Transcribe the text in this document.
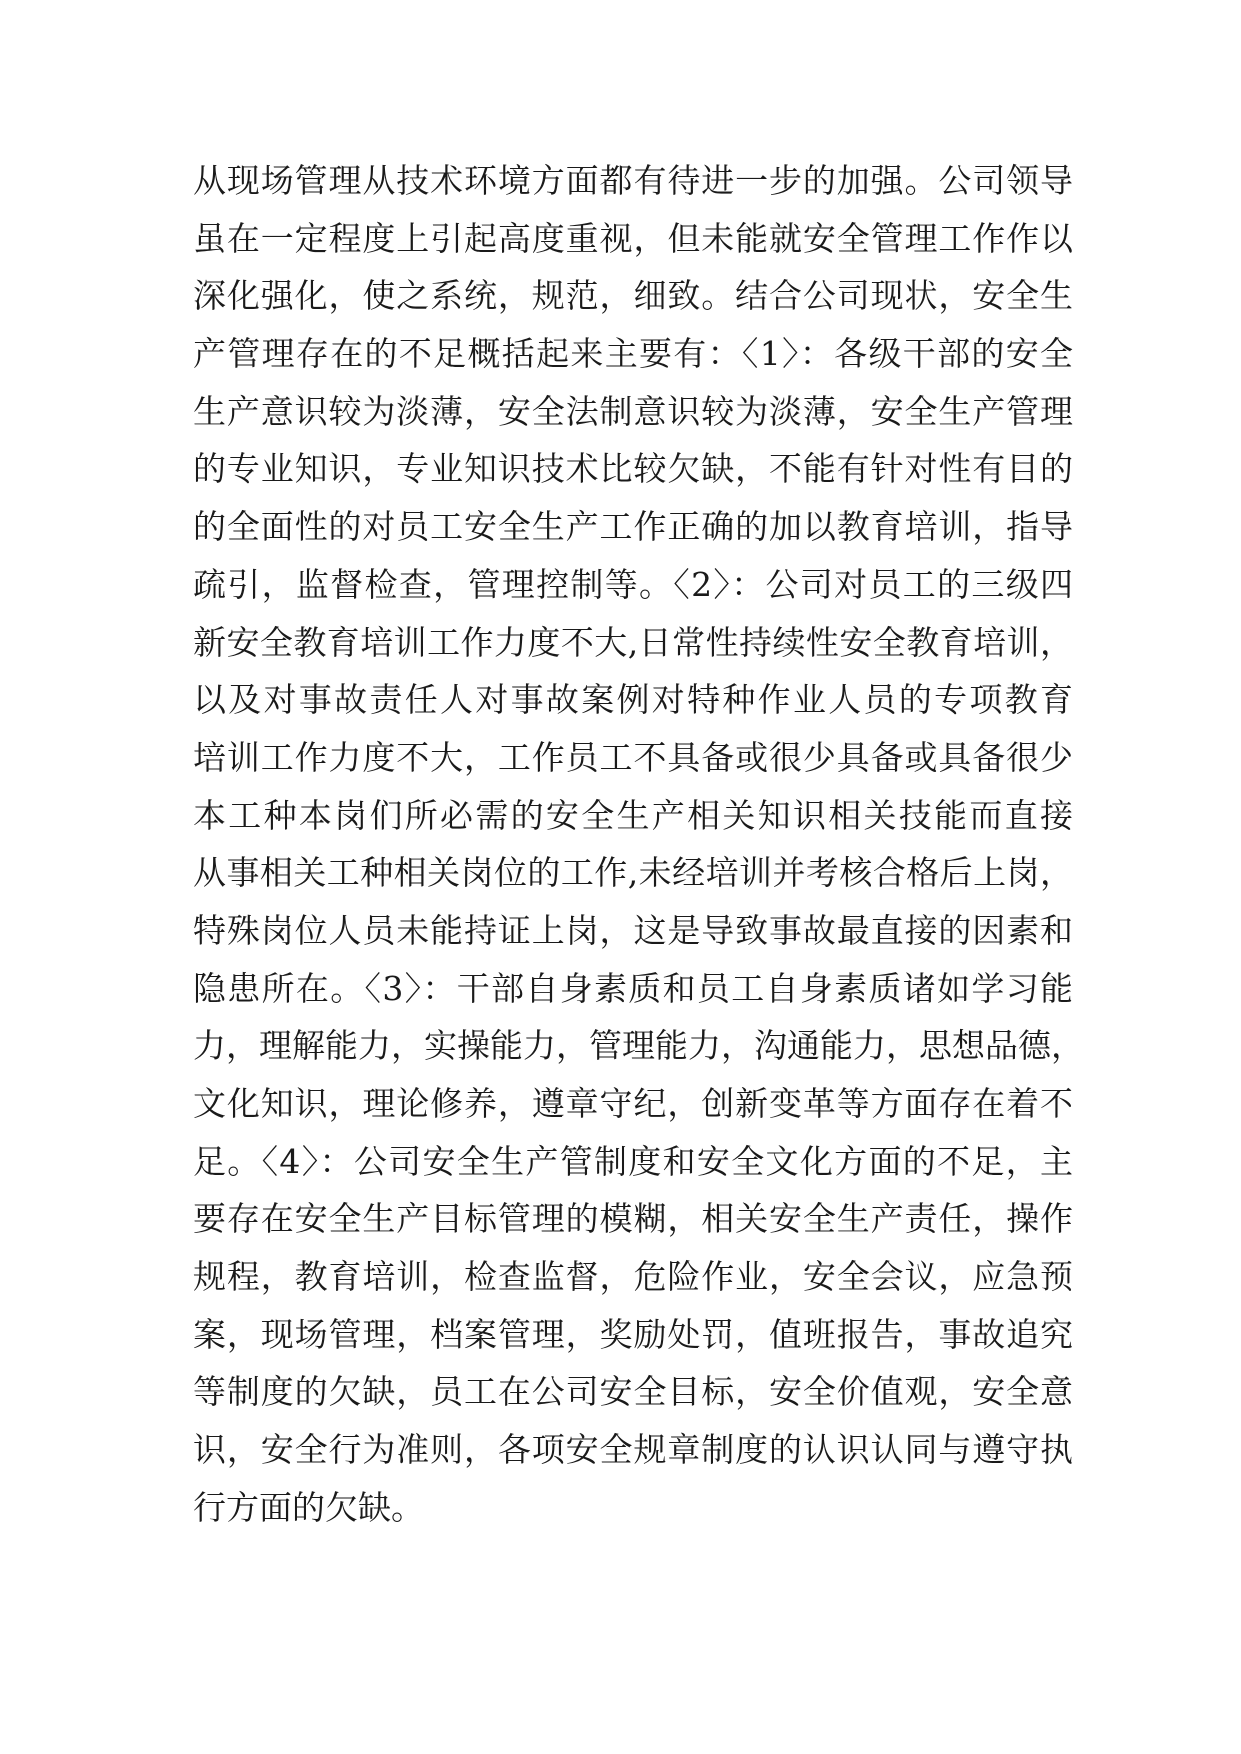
从现场管理从技术环境方面都有待进一步的加强。公司领导
虽在一定程度上引起高度重视，但未能就安全管理工作作以
深化强化，使之系统，规范，细致。结合公司现状，安全生
产管理存在的不足概括起来主要有：〈1〉：各级干部的安全
生产意识较为淡薄，安全法制意识较为淡薄，安全生产管理
的专业知识，专业知识技术比较欠缺，不能有针对性有目的
的全面性的对员工安全生产工作正确的加以教育培训，指导
疏引，监督检查，管理控制等。〈2〉：公司对员工的三级四
新安全教育培训工作力度不大,日常性持续性安全教育培训，
以及对事故责任人对事故案例对特种作业人员的专项教育
培训工作力度不大，工作员工不具备或很少具备或具备很少
本工种本岗们所必需的安全生产相关知识相关技能而直接
从事相关工种相关岗位的工作,未经培训并考核合格后上岗，
特殊岗位人员未能持证上岗，这是导致事故最直接的因素和
隐患所在。〈3〉：干部自身素质和员工自身素质诸如学习能
力，理解能力，实操能力，管理能力，沟通能力，思想品德，
文化知识，理论修养，遵章守纪，创新变革等方面存在着不
足。〈4〉：公司安全生产管制度和安全文化方面的不足，主
要存在安全生产目标管理的模糊，相关安全生产责任，操作
规程，教育培训，检查监督，危险作业，安全会议，应急预
案，现场管理，档案管理，奖励处罚，值班报告，事故追究
等制度的欠缺，员工在公司安全目标，安全价值观，安全意
识，安全行为准则，各项安全规章制度的认识认同与遵守执
行方面的欠缺。
